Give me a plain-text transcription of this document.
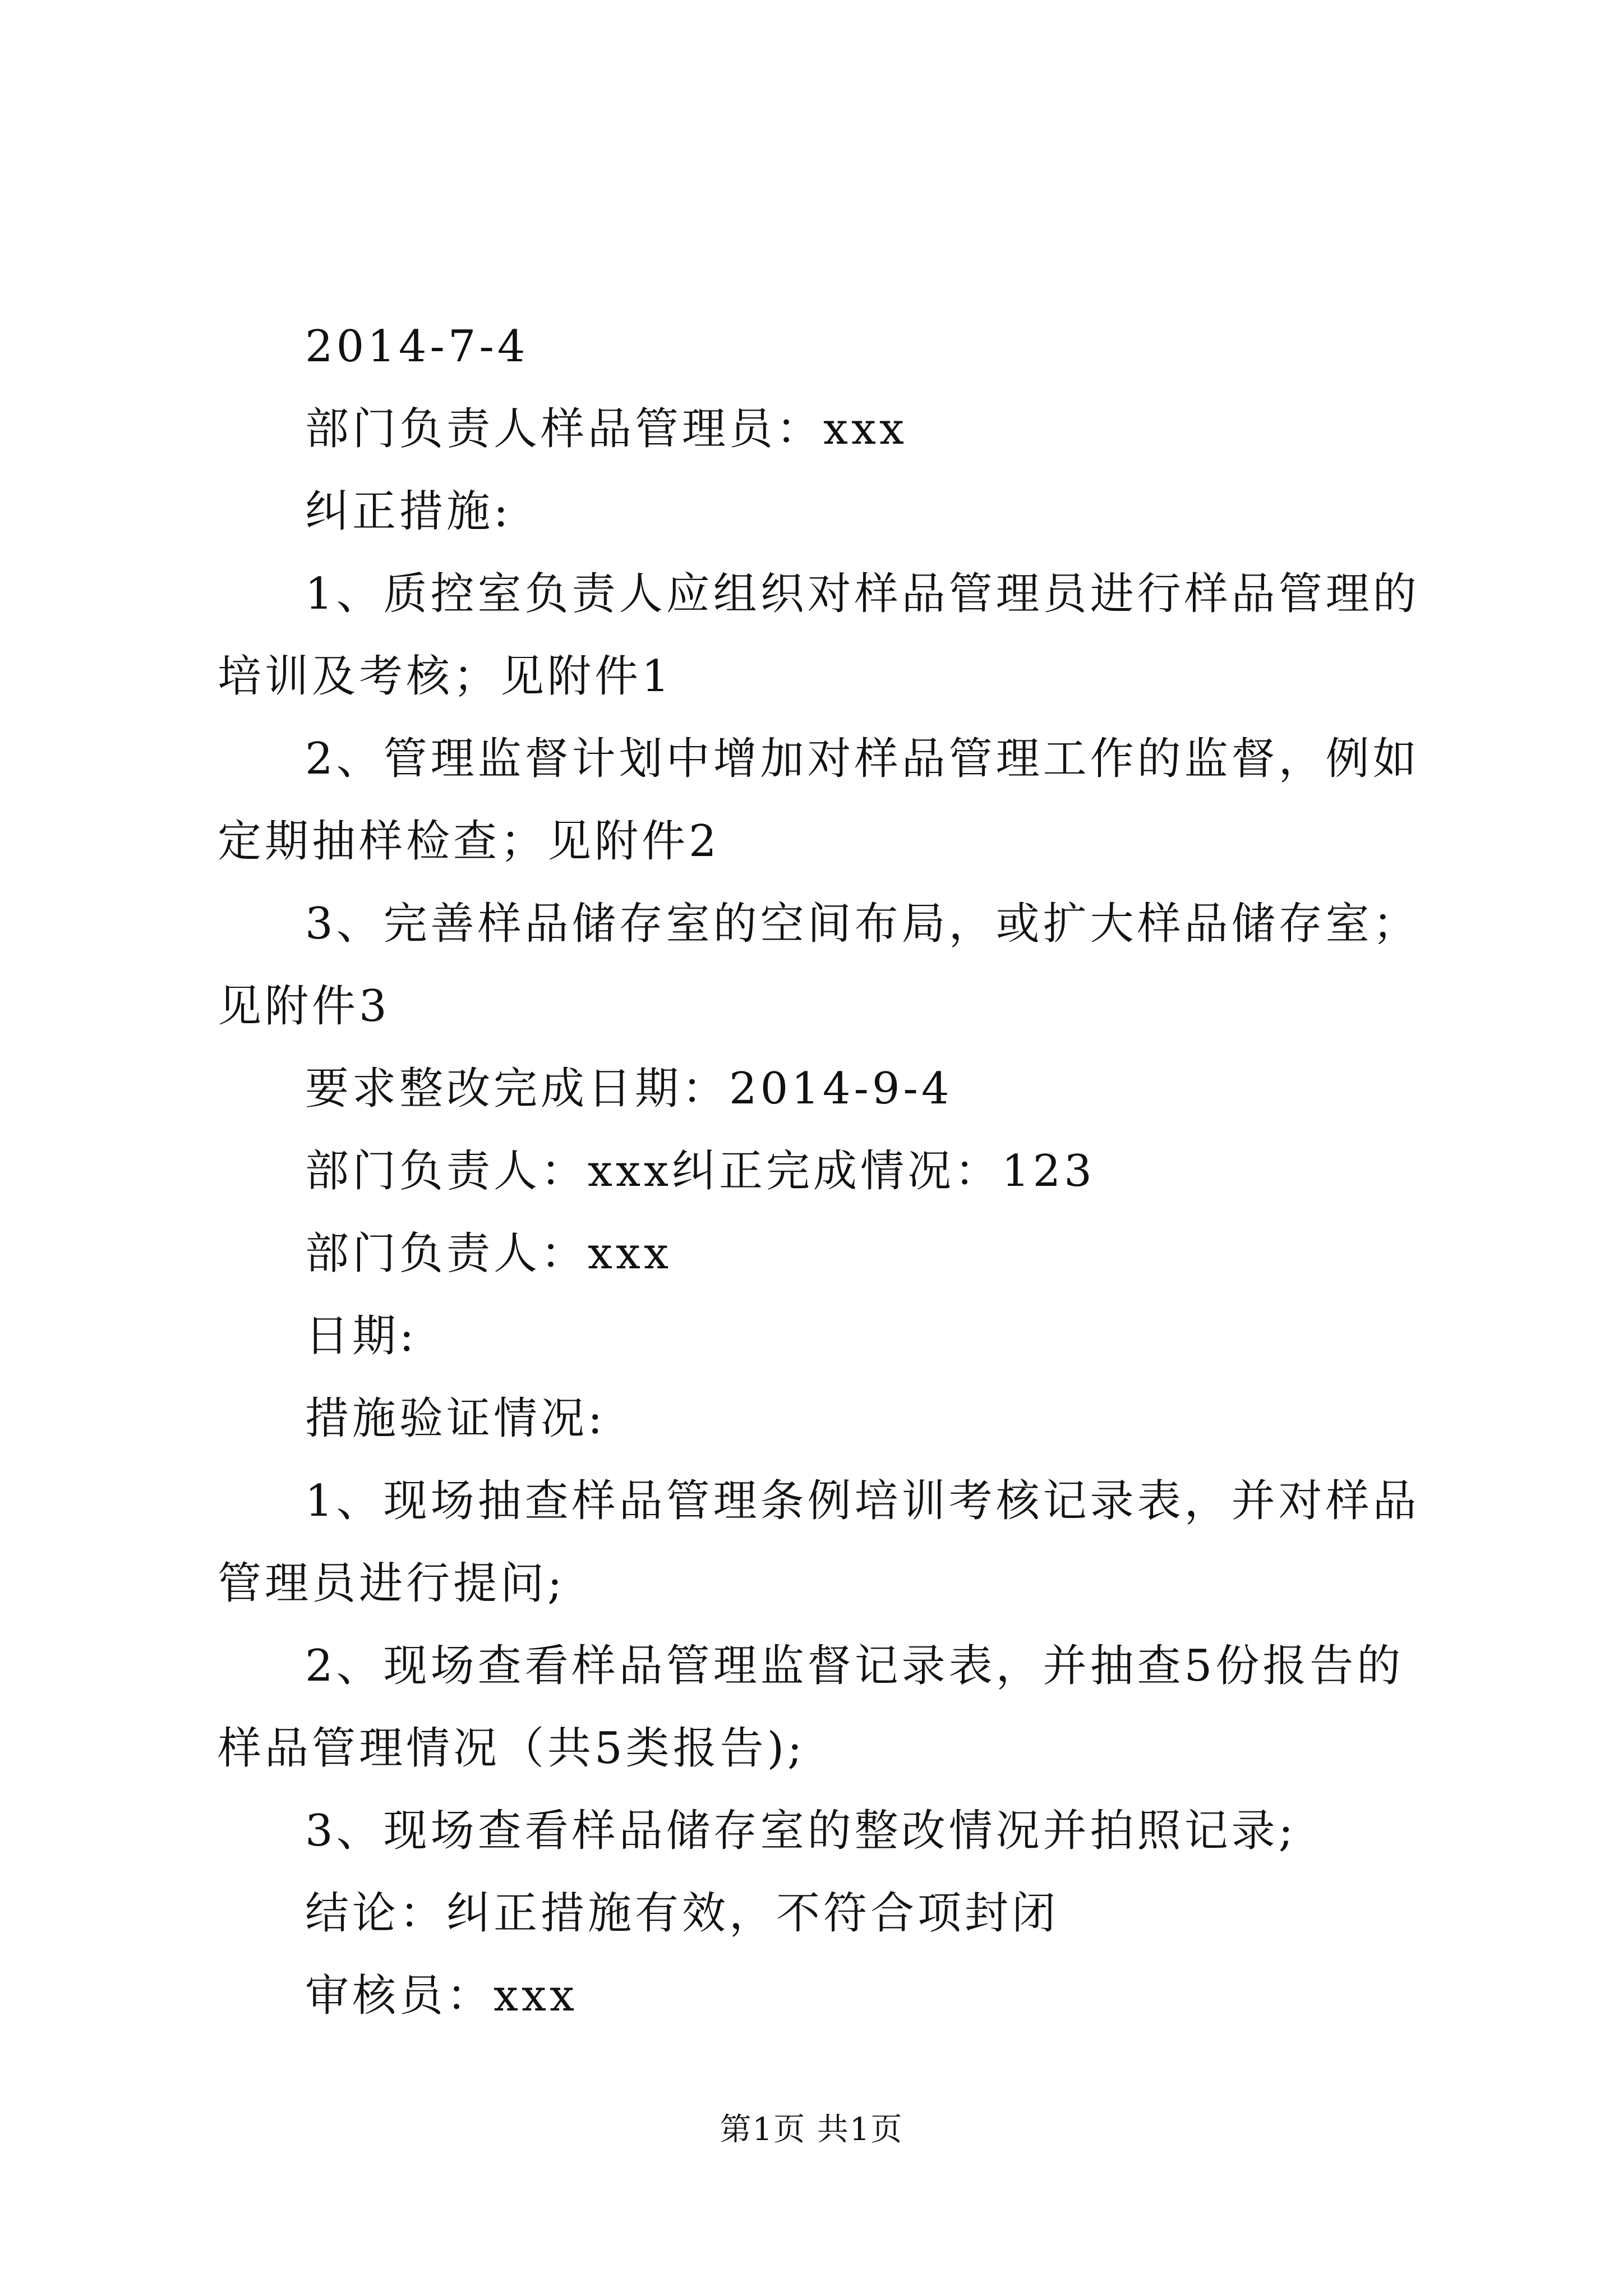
2014-7-4

部门负责人样品管理员：xxx

纠正措施:

1、质控室负责人应组织对样品管理员进行样品管理的培训及考核；见附件1

2、管理监督计划中增加对样品管理工作的监督，例如定期抽样检查；见附件2

3、完善样品储存室的空间布局，或扩大样品储存室；见附件3

要求整改完成日期：2014-9-4

部门负责人：xxx纠正完成情况：123

部门负责人：xxx

日期:

措施验证情况:

1、现场抽查样品管理条例培训考核记录表，并对样品管理员进行提问;

2、现场查看样品管理监督记录表，并抽查5份报告的样品管理情况（共5类报告);

3、现场查看样品储存室的整改情况并拍照记录;

结论：纠正措施有效，不符合项封闭

审核员：xxx

第1页 共1页
